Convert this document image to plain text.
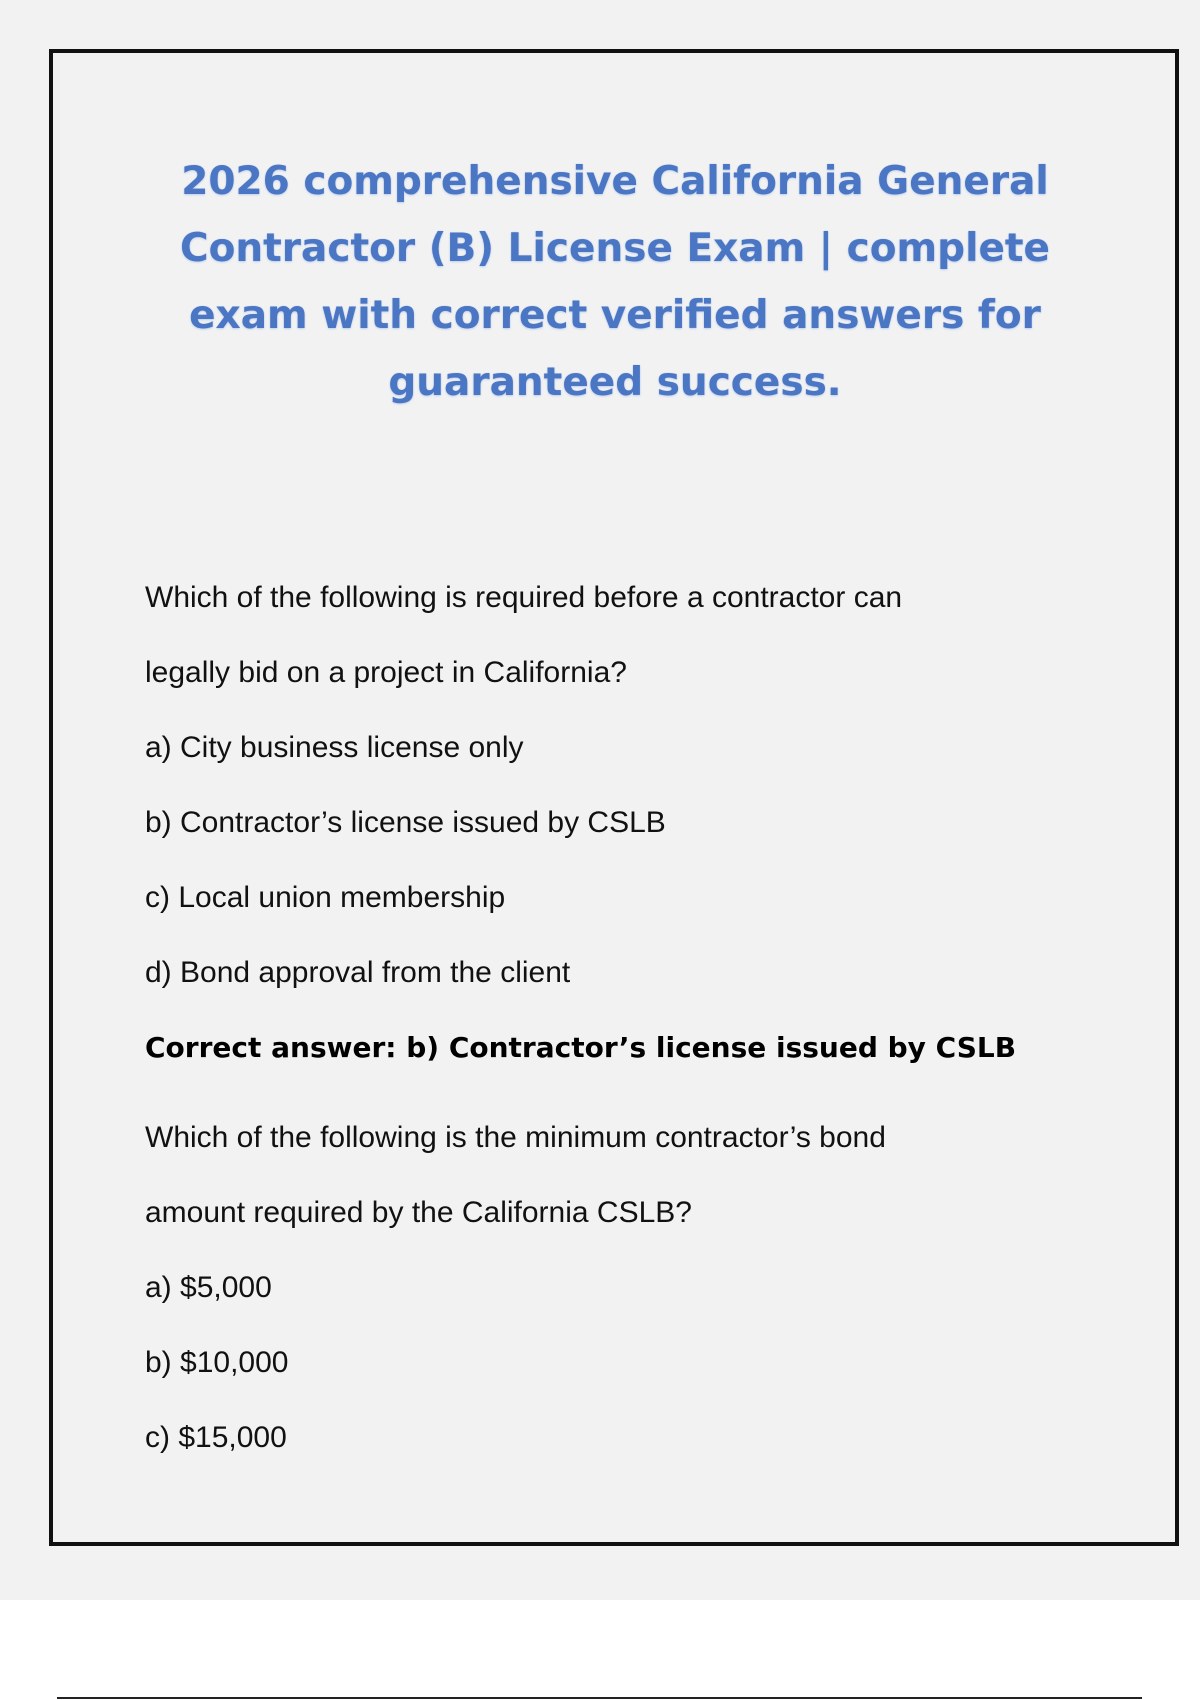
2026 comprehensive California General
Contractor (B) License Exam | complete
exam with correct verified answers for
guaranteed success.
Which of the following is required before a contractor can
legally bid on a project in California?
a) City business license only
b) Contractor’s license issued by CSLB
c) Local union membership
d) Bond approval from the client
Correct answer: b) Contractor’s license issued by CSLB
Which of the following is the minimum contractor’s bond
amount required by the California CSLB?
a) $5,000
b) $10,000
c) $15,000
